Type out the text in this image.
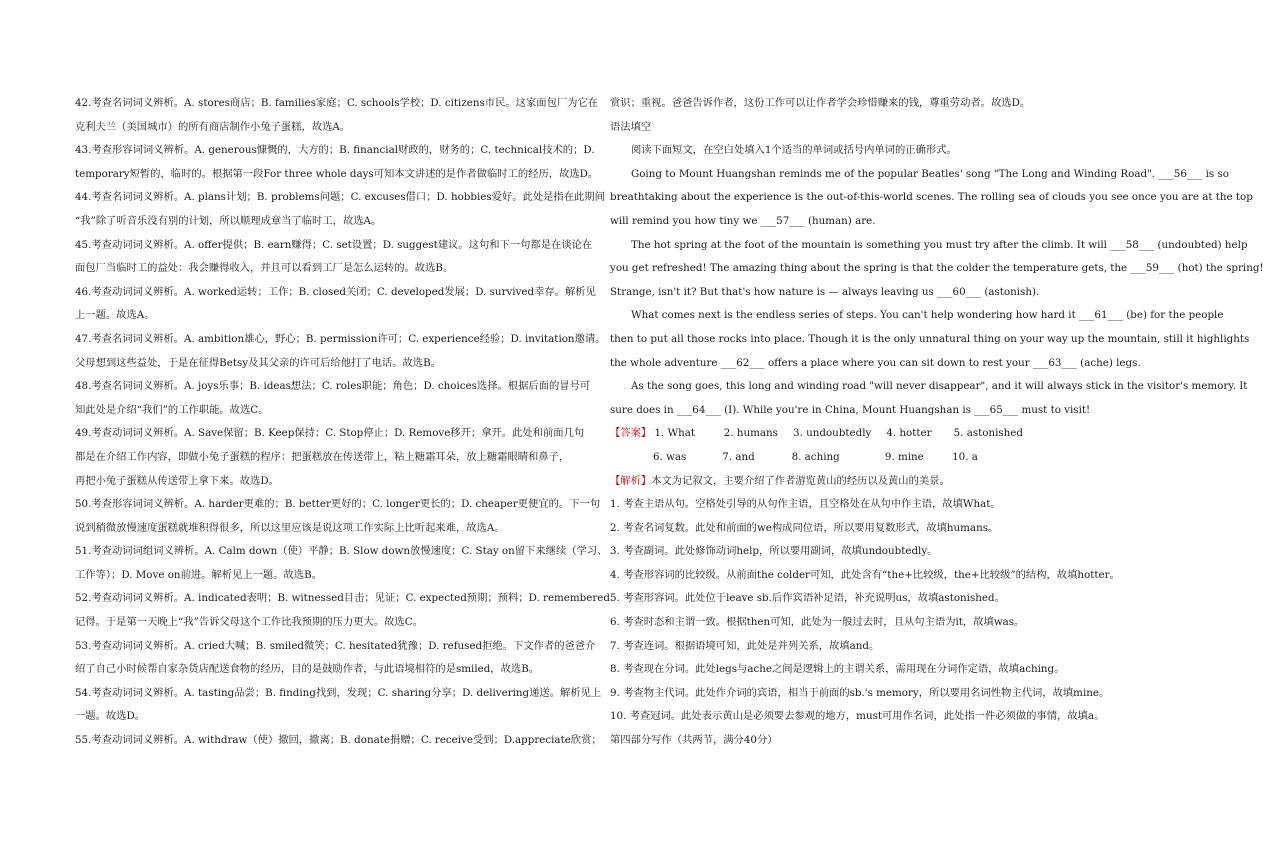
42.考查名词词义辨析。A. stores商店；B. families家庭；C. schools学校；D. citizens市民。这家面包厂为它在
克利夫兰（美国城市）的所有商店制作小兔子蛋糕，故选A。
43.考查形容词词义辨析。A. generous慷慨的，大方的；B. financial财政的，财务的；C. technical技术的；D.
temporary短暂的，临时的。根据第一段For three whole days可知本文讲述的是作者做临时工的经历，故选D。
44.考查名词词义辨析。A. plans计划；B. problems问题；C. excuses借口；D. hobbies爱好。此处是指在此期间
“我”除了听音乐没有别的计划，所以顺理成章当了临时工，故选A。
45.考查动词词义辨析。A. offer提供；B. earn赚得；C. set设置；D. suggest建议。这句和下一句都是在谈论在
面包厂当临时工的益处：我会赚得收入，并且可以看到工厂是怎么运转的。故选B。
46.考查动词词义辨析。A. worked运转；工作；B. closed关闭；C. developed发展；D. survived幸存。解析见
上一题。故选A。
47.考查名词词义辨析。A. ambition雄心，野心；B. permission许可；C. experience经验；D. invitation邀请。
父母想到这些益处，于是在征得Betsy及其父亲的许可后给他打了电话。故选B。
48.考查名词词义辨析。A. joys乐事；B. ideas想法；C. roles职能；角色；D. choices选择。根据后面的冒号可
知此处是介绍“我们”的工作职能。故选C。
49.考查动词词义辨析。A. Save保留；B. Keep保持；C. Stop停止；D. Remove移开；拿开。此处和前面几句
都是在介绍工作内容，即做小兔子蛋糕的程序：把蛋糕放在传送带上，粘上糖霜耳朵，放上糖霜眼睛和鼻子，
再把小兔子蛋糕从传送带上拿下来。故选D。
50.考查形容词词义辨析。A. harder更难的；B. better更好的；C. longer更长的；D. cheaper更便宜的。下一句
说到稍微放慢速度蛋糕就堆积得很多，所以这里应该是说这项工作实际上比听起来难，故选A。
51.考查动词词组词义辨析。A. Calm down（使）平静；B. Slow down放慢速度；C. Stay on留下来继续（学习、
工作等）；D. Move on前进。解析见上一题。故选B。
52.考查动词词义辨析。A. indicated表明；B. witnessed目击；见证；C. expected预期；预料；D. remembered
记得。于是第一天晚上“我”告诉父母这个工作比我预期的压力更大。故选C。
53.考查动词词义辨析。A. cried大喊；B. smiled微笑；C. hesitated犹豫；D. refused拒绝。下文作者的爸爸介
绍了自己小时候帮自家杂货店配送食物的经历，目的是鼓励作者，与此语境相符的是smiled，故选B。
54.考查动词词义辨析。A. tasting品尝；B. finding找到，发现；C. sharing分享；D. delivering递送。解析见上
一题。故选D。
55.考查动词词义辨析。A. withdraw（使）撤回，撤离；B. donate捐赠；C. receive受到；D.appreciate欣赏；
赏识；重视。爸爸告诉作者，这份工作可以让作者学会珍惜赚来的钱，尊重劳动者。故选D。
语法填空
阅读下面短文，在空白处填入1个适当的单词或括号内单词的正确形式。
Going to Mount Huangshan reminds me of the popular Beatles' song "The Long and Winding Road". ___56___ is so
breathtaking about the experience is the out-of-this-world scenes. The rolling sea of clouds you see once you are at the top
will remind you how tiny we ___57___ (human) are.
The hot spring at the foot of the mountain is something you must try after the climb. It will ___58___ (undoubted) help
you get refreshed! The amazing thing about the spring is that the colder the temperature gets, the ___59___ (hot) the spring!
Strange, isn't it? But that's how nature is — always leaving us ___60___ (astonish).
What comes next is the endless series of steps. You can't help wondering how hard it ___61___ (be) for the people
then to put all those rocks into place. Though it is the only unnatural thing on your way up the mountain, still it highlights
the whole adventure ___62___ offers a place where you can sit down to rest your ___63___ (ache) legs.
As the song goes, this long and winding road "will never disappear", and it will always stick in the visitor's memory. It
sure does in ___64___ (I). While you're in China, Mount Huangshan is ___65___ must to visit!
【答案】 1. What	2. humans 3. undoubtedly 4. hotter 5. astonished
6. was	7. and	8. aching	9. mine	10. a
【解析】本文为记叙文，主要介绍了作者游览黄山的经历以及黄山的美景。
1. 考查主语从句。空格处引导的从句作主语，且空格处在从句中作主语，故填What。
2. 考查名词复数。此处和前面的we构成同位语，所以要用复数形式，故填humans。
3. 考查副词。此处修饰动词help，所以要用副词，故填undoubtedly。
4. 考查形容词的比较级。从前面the colder可知，此处含有“the+比较级，the+比较级”的结构，故填hotter。
5. 考查形容词。此处位于leave sb.后作宾语补足语，补充说明us，故填astonished。
6. 考查时态和主谓一致。根据then可知，此处为一般过去时，且从句主语为it，故填was。
7. 考查连词。根据语境可知，此处是并列关系，故填and。
8. 考查现在分词。此处legs与ache之间是逻辑上的主谓关系，需用现在分词作定语，故填aching。
9. 考查物主代词。此处作介词的宾语，相当于前面的sb.'s memory，所以要用名词性物主代词，故填mine。
10. 考查冠词。此处表示黄山是必须要去参观的地方，must可用作名词，此处指一件必须做的事情，故填a。
第四部分写作（共两节，满分40分）
